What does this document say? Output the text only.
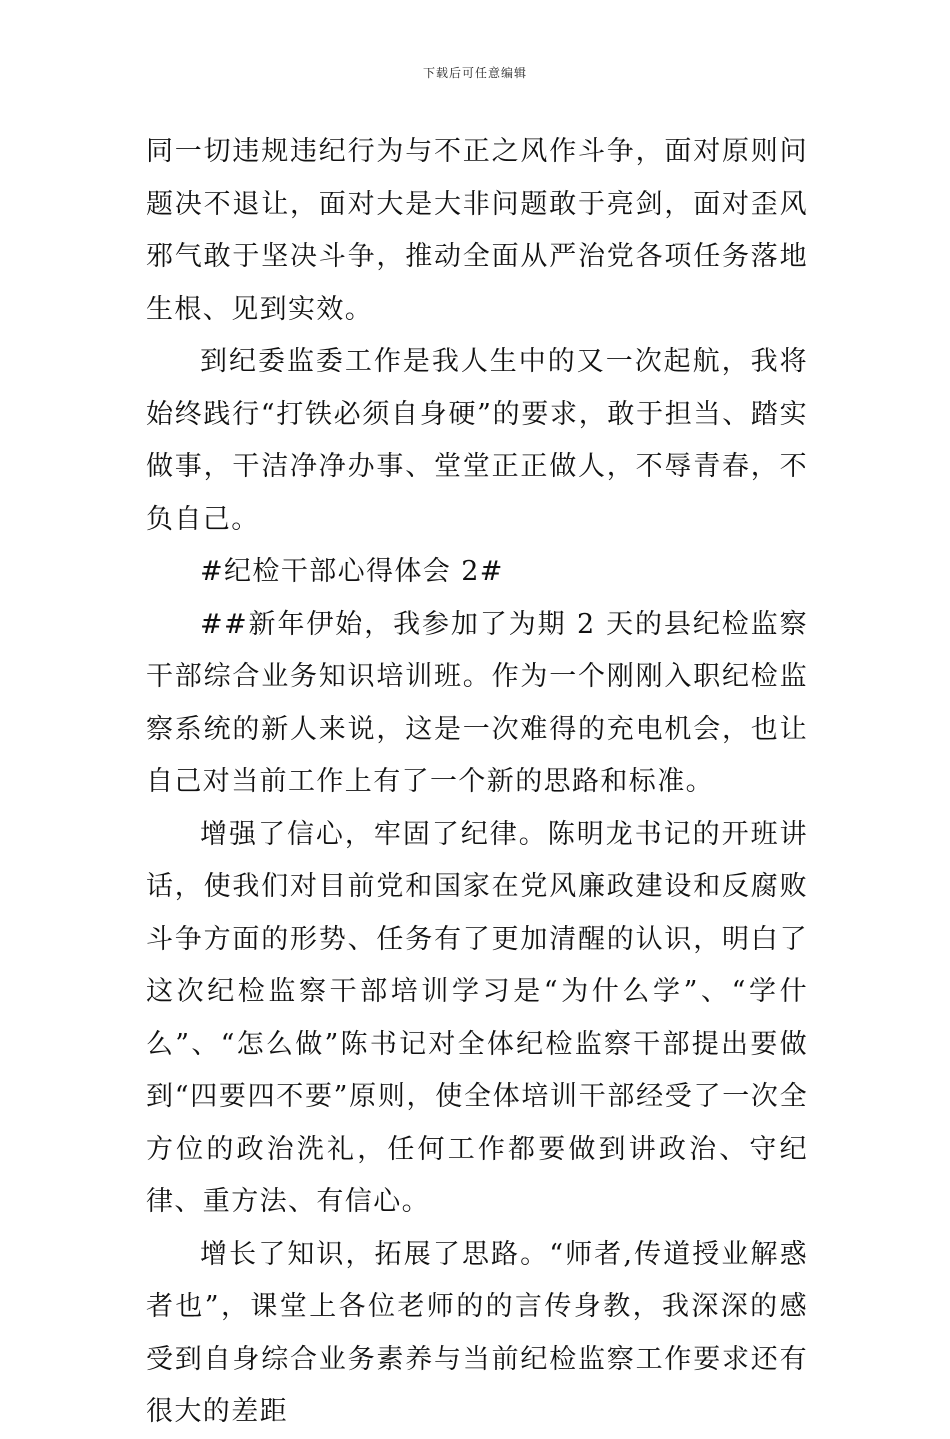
下载后可任意编辑

同一切违规违纪行为与不正之风作斗争，面对原则问题决不退让，面对大是大非问题敢于亮剑，面对歪风邪气敢于坚决斗争，推动全面从严治党各项任务落地生根、见到实效。

到纪委监委工作是我人生中的又一次起航，我将始终践行“打铁必须自身硬”的要求，敢于担当、踏实做事，干洁净净办事、堂堂正正做人，不辱青春，不负自己。

#纪检干部心得体会 2#

##新年伊始，我参加了为期 2 天的县纪检监察干部综合业务知识培训班。作为一个刚刚入职纪检监察系统的新人来说，这是一次难得的充电机会，也让自己对当前工作上有了一个新的思路和标准。

增强了信心，牢固了纪律。陈明龙书记的开班讲话，使我们对目前党和国家在党风廉政建设和反腐败斗争方面的形势、任务有了更加清醒的认识，明白了这次纪检监察干部培训学习是“为什么学”、“学什么”、“怎么做”陈书记对全体纪检监察干部提出要做到“四要四不要”原则，使全体培训干部经受了一次全方位的政治洗礼，任何工作都要做到讲政治、守纪律、重方法、有信心。

增长了知识，拓展了思路。“师者,传道授业解惑者也”，课堂上各位老师的的言传身教，我深深的感受到自身综合业务素养与当前纪检监察工作要求还有很大的差距
